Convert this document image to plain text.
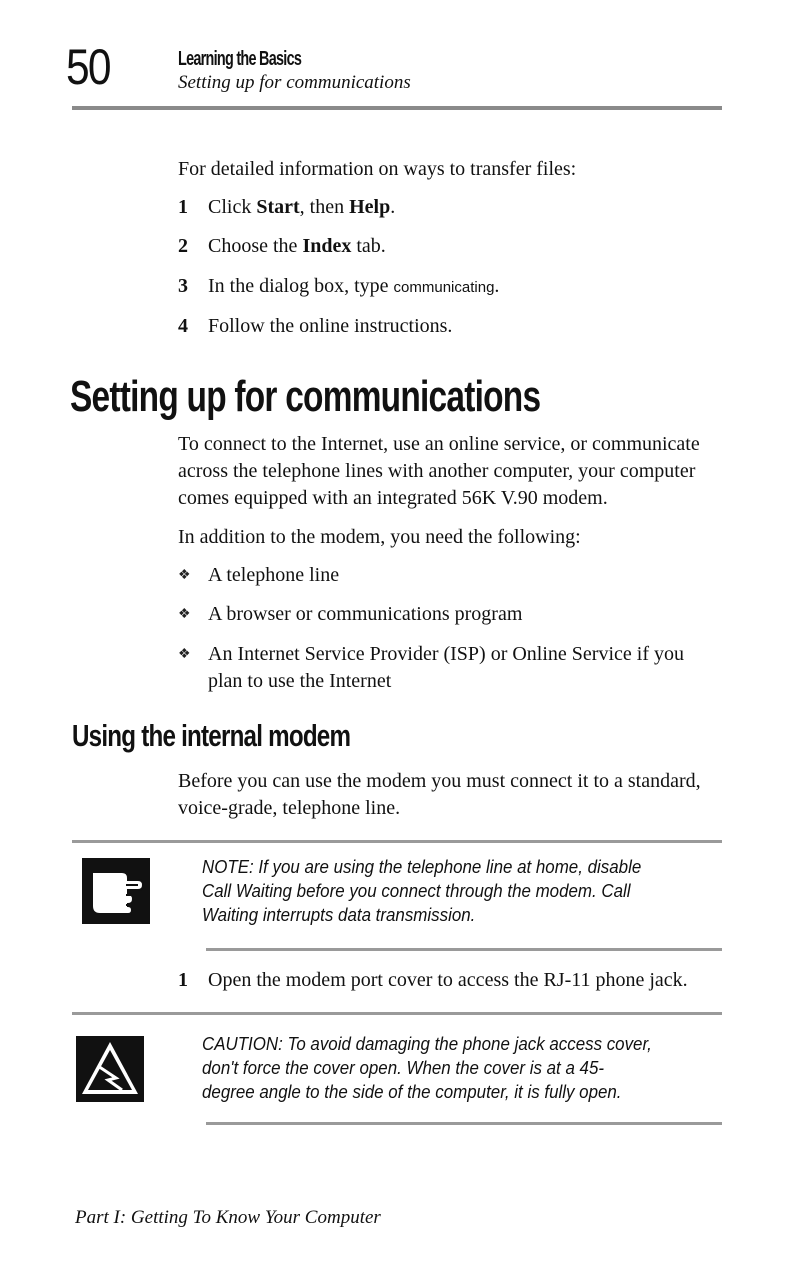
50	Learning the Basics
Setting up for communications
For detailed information on ways to transfer files:
1 Click Start, then Help.
2 Choose the Index tab.
3 In the dialog box, type communicating.
4 Follow the online instructions.
Setting up for communications
To connect to the Internet, use an online service, or communicate across the telephone lines with another computer, your computer comes equipped with an integrated 56K V.90 modem.
In addition to the modem, you need the following:
❖ A telephone line
❖ A browser or communications program
❖ An Internet Service Provider (ISP) or Online Service if you plan to use the Internet
Using the internal modem
Before you can use the modem you must connect it to a standard, voice-grade, telephone line.
NOTE: If you are using the telephone line at home, disable Call Waiting before you connect through the modem. Call Waiting interrupts data transmission.
1 Open the modem port cover to access the RJ-11 phone jack.
CAUTION: To avoid damaging the phone jack access cover, don't force the cover open. When the cover is at a 45-degree angle to the side of the computer, it is fully open.
Part I: Getting To Know Your Computer
